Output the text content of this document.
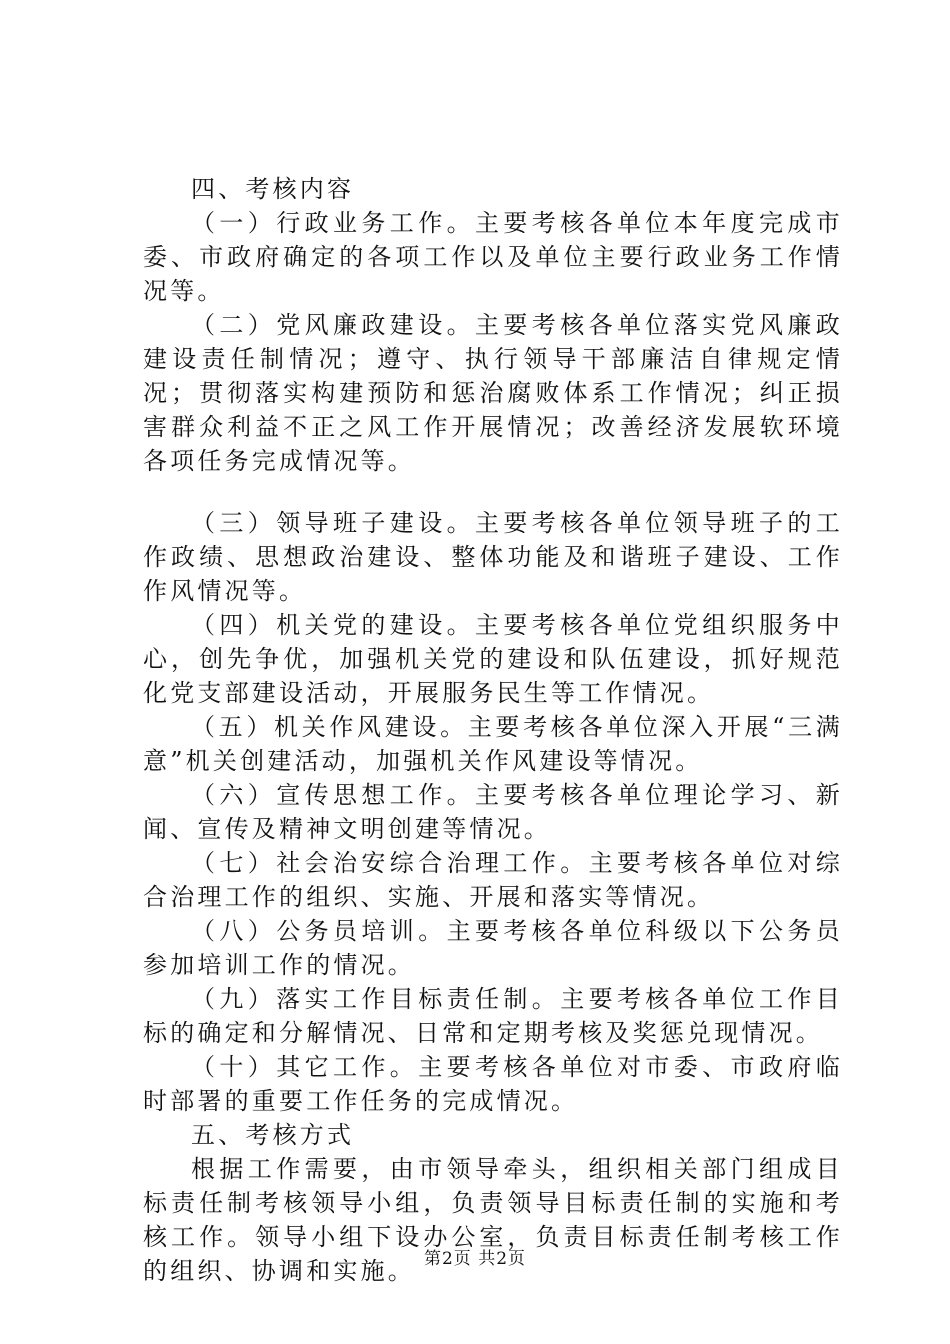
四、考核内容

（一）行政业务工作。主要考核各单位本年度完成市委、市政府确定的各项工作以及单位主要行政业务工作情况等。

（二）党风廉政建设。主要考核各单位落实党风廉政建设责任制情况；遵守、执行领导干部廉洁自律规定情况；贯彻落实构建预防和惩治腐败体系工作情况；纠正损害群众利益不正之风工作开展情况；改善经济发展软环境各项任务完成情况等。

（三）领导班子建设。主要考核各单位领导班子的工作政绩、思想政治建设、整体功能及和谐班子建设、工作作风情况等。

（四）机关党的建设。主要考核各单位党组织服务中心，创先争优，加强机关党的建设和队伍建设，抓好规范化党支部建设活动，开展服务民生等工作情况。

（五）机关作风建设。主要考核各单位深入开展“三满意”机关创建活动，加强机关作风建设等情况。

（六）宣传思想工作。主要考核各单位理论学习、新闻、宣传及精神文明创建等情况。

（七）社会治安综合治理工作。主要考核各单位对综合治理工作的组织、实施、开展和落实等情况。

（八）公务员培训。主要考核各单位科级以下公务员参加培训工作的情况。

（九）落实工作目标责任制。主要考核各单位工作目标的确定和分解情况、日常和定期考核及奖惩兑现情况。

（十）其它工作。主要考核各单位对市委、市政府临时部署的重要工作任务的完成情况。

五、考核方式

根据工作需要，由市领导牵头，组织相关部门组成目标责任制考核领导小组，负责领导目标责任制的实施和考核工作。领导小组下设办公室，负责目标责任制考核工作的组织、协调和实施。 第2页 共2页
